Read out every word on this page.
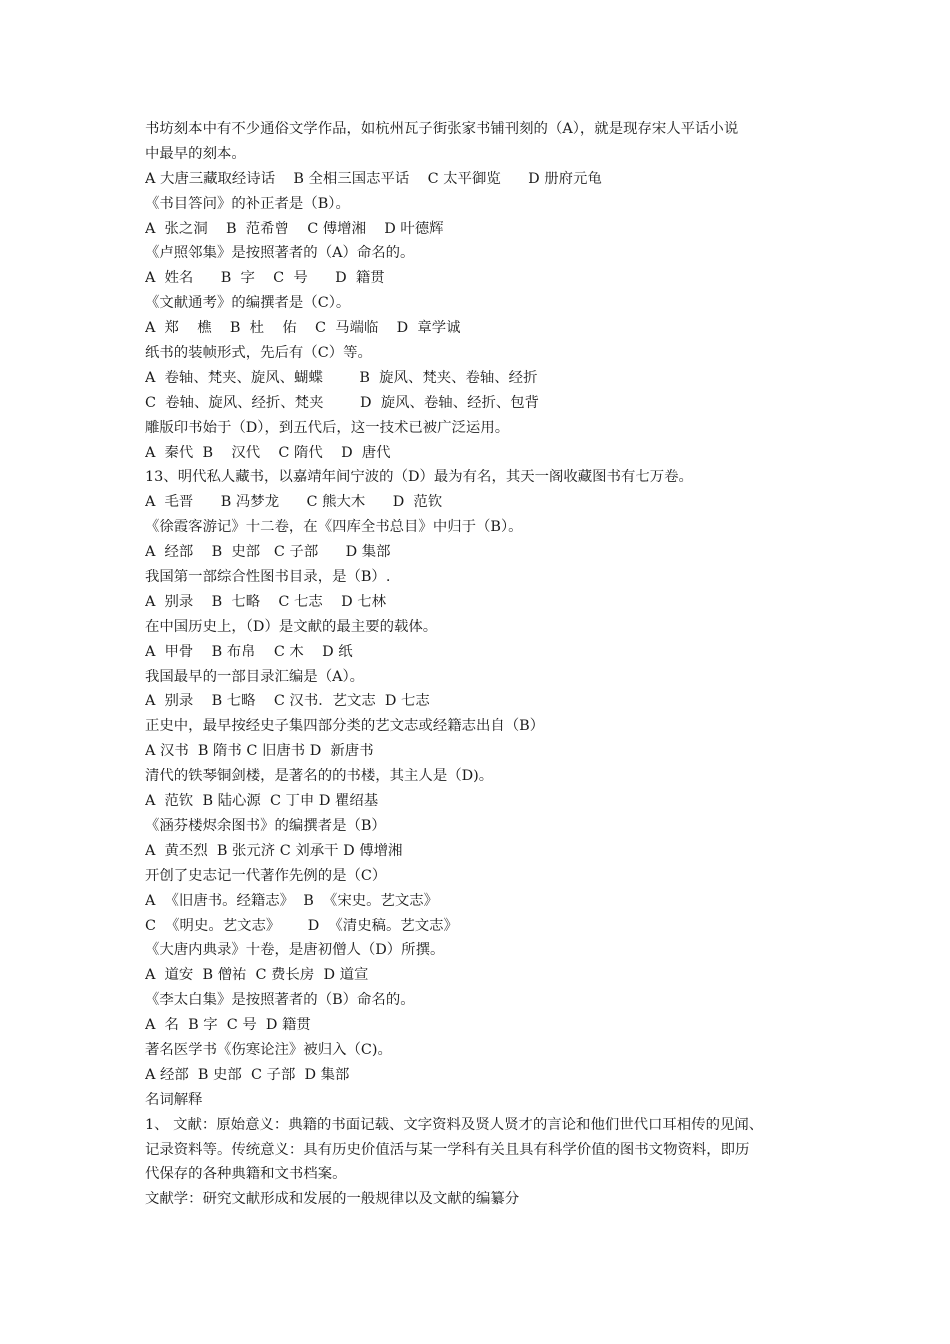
书坊刻本中有不少通俗文学作品，如杭州瓦子街张家书铺刊刻的（A），就是现存宋人平话小说
中最早的刻本。
A 大唐三藏取经诗话    B 全相三国志平话    C 太平御览      D 册府元龟
《书目答问》的补正者是（B）。
A  张之洞    B  范希曾    C 傅增湘    D 叶德辉
《卢照邻集》是按照著者的（A）命名的。
A  姓名      B  字    C  号      D  籍贯
《文献通考》的编撰者是（C）。
A  郑    樵    B  杜    佑    C  马端临    D  章学诚
纸书的装帧形式，先后有（C）等。
A  卷轴、梵夹、旋风、蝴蝶        B  旋风、梵夹、卷轴、经折
C  卷轴、旋风、经折、梵夹        D  旋风、卷轴、经折、包背
雕版印书始于（D），到五代后，这一技术已被广泛运用。
A  秦代  B    汉代    C 隋代    D  唐代
13、明代私人藏书，以嘉靖年间宁波的（D）最为有名，其天一阁收藏图书有七万卷。
A  毛晋      B 冯梦龙      C 熊大木      D  范钦
《徐霞客游记》十二卷，在《四库全书总目》中归于（B）。
A  经部    B  史部   C 子部      D 集部
我国第一部综合性图书目录，是（B）.
A  别录    B  七略    C 七志    D 七林
在中国历史上，（D）是文献的最主要的载体。
A  甲骨    B 布帛    C 木    D 纸
我国最早的一部目录汇编是（A）。
A  别录    B 七略    C 汉书．艺文志  D 七志
正史中，最早按经史子集四部分类的艺文志或经籍志出自（B）
A 汉书  B 隋书 C 旧唐书 D  新唐书
清代的铁琴铜剑楼，是著名的的书楼，其主人是（D)。
A  范钦  B 陆心源  C 丁申 D 瞿绍基
《涵芬楼烬余图书》的编撰者是（B）
A  黄丕烈  B 张元济 C 刘承干 D 傅增湘
开创了史志记一代著作先例的是（C）
A  《旧唐书。经籍志》  B  《宋史。艺文志》
C  《明史。艺文志》      D  《清史稿。艺文志》
《大唐内典录》十卷，是唐初僧人（D）所撰。
A  道安  B 僧祐  C 费长房  D 道宣
《李太白集》是按照著者的（B）命名的。
A  名  B 字  C 号  D 籍贯
著名医学书《伤寒论注》被归入（C)。
A 经部  B 史部  C 子部  D 集部
名词解释
1、 文献：原始意义：典籍的书面记载、文字资料及贤人贤才的言论和他们世代口耳相传的见闻、
记录资料等。传统意义：具有历史价值活与某一学科有关且具有科学价值的图书文物资料，即历
代保存的各种典籍和文书档案。
文献学：研究文献形成和发展的一般规律以及文献的编纂分
